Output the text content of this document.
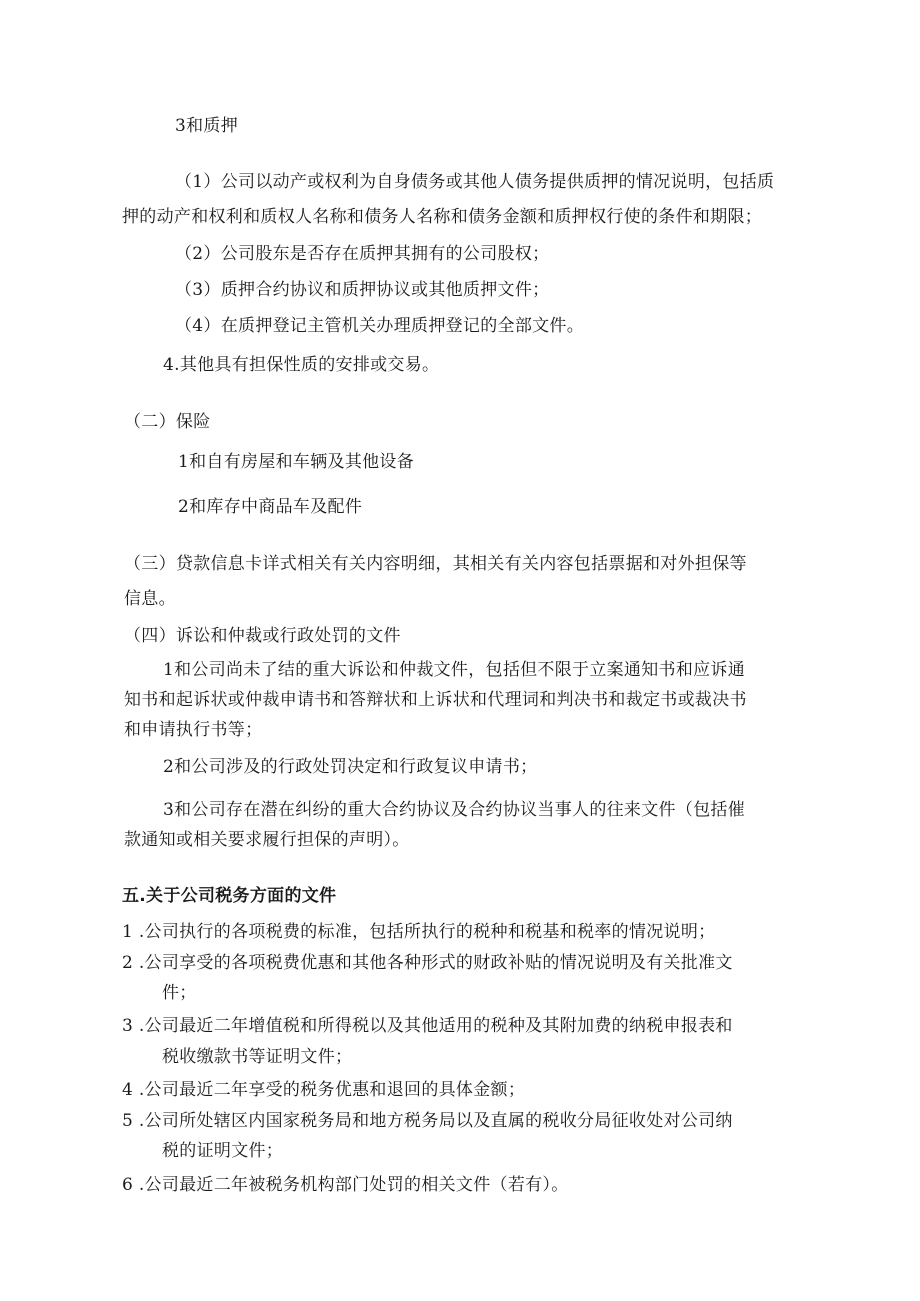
3和质押
（1）公司以动产或权利为自身债务或其他人债务提供质押的情况说明，包括质
押的动产和权利和质权人名称和债务人名称和债务金额和质押权行使的条件和期限；
（2）公司股东是否存在质押其拥有的公司股权；
（3）质押合约协议和质押协议或其他质押文件；
（4）在质押登记主管机关办理质押登记的全部文件。
4.其他具有担保性质的安排或交易。
（二）保险
1和自有房屋和车辆及其他设备
2和库存中商品车及配件
（三）贷款信息卡详式相关有关内容明细，其相关有关内容包括票据和对外担保等
信息。
（四）诉讼和仲裁或行政处罚的文件
1和公司尚未了结的重大诉讼和仲裁文件，包括但不限于立案通知书和应诉通
知书和起诉状或仲裁申请书和答辩状和上诉状和代理词和判决书和裁定书或裁决书
和申请执行书等；
2和公司涉及的行政处罚决定和行政复议申请书；
3和公司存在潜在纠纷的重大合约协议及合约协议当事人的往来文件（包括催
款通知或相关要求履行担保的声明）。
五.关于公司税务方面的文件
1 .公司执行的各项税费的标准，包括所执行的税种和税基和税率的情况说明；
2 .公司享受的各项税费优惠和其他各种形式的财政补贴的情况说明及有关批准文
件；
3 .公司最近二年增值税和所得税以及其他适用的税种及其附加费的纳税申报表和
税收缴款书等证明文件；
4 .公司最近二年享受的税务优惠和退回的具体金额；
5 .公司所处辖区内国家税务局和地方税务局以及直属的税收分局征收处对公司纳
税的证明文件；
6 .公司最近二年被税务机构部门处罚的相关文件（若有）。
